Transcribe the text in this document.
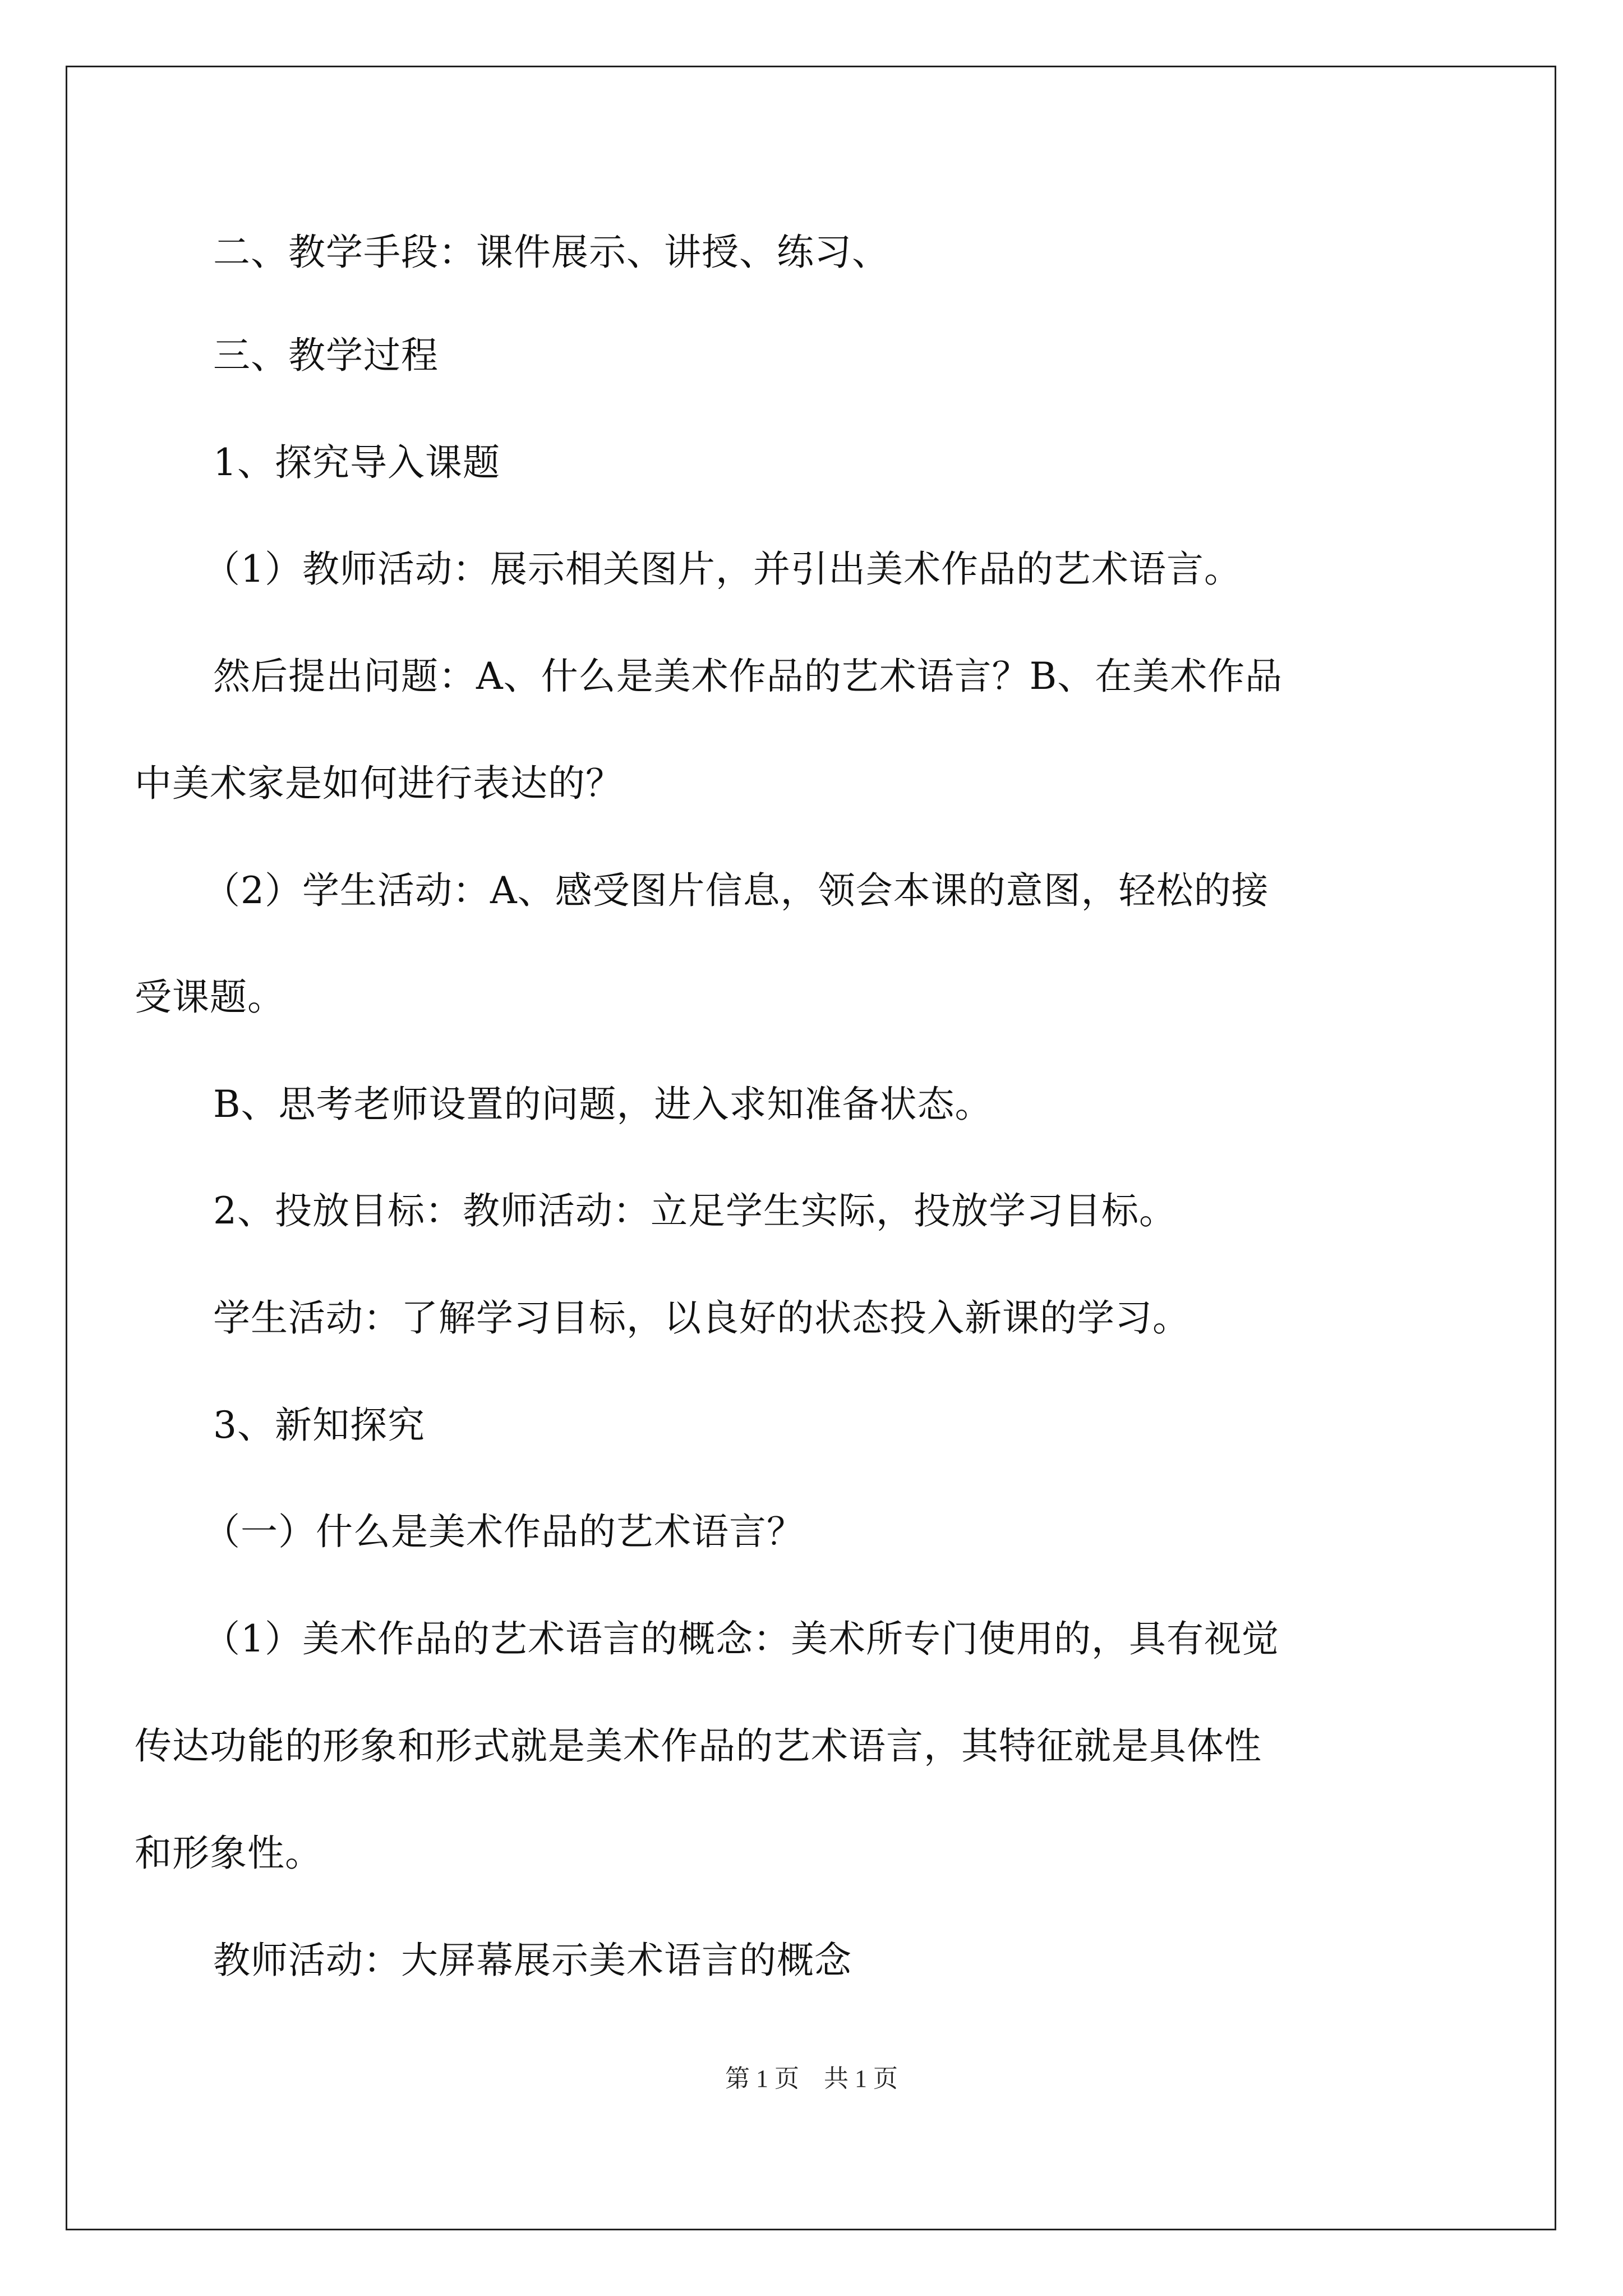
二、教学手段：课件展示、讲授、练习、
三、教学过程
1、探究导入课题
（1）教师活动：展示相关图片，并引出美术作品的艺术语言。
然后提出问题：A、什么是美术作品的艺术语言？B、在美术作品
中美术家是如何进行表达的？
（2）学生活动：A、感受图片信息，领会本课的意图，轻松的接
受课题。
B、思考老师设置的问题，进入求知准备状态。
2、投放目标：教师活动：立足学生实际，投放学习目标。
学生活动：了解学习目标，以良好的状态投入新课的学习。
3、新知探究
（一）什么是美术作品的艺术语言？
（1）美术作品的艺术语言的概念：美术所专门使用的，具有视觉
传达功能的形象和形式就是美术作品的艺术语言，其特征就是具体性
和形象性。
教师活动：大屏幕展示美术语言的概念
第 1 页　共 1 页
